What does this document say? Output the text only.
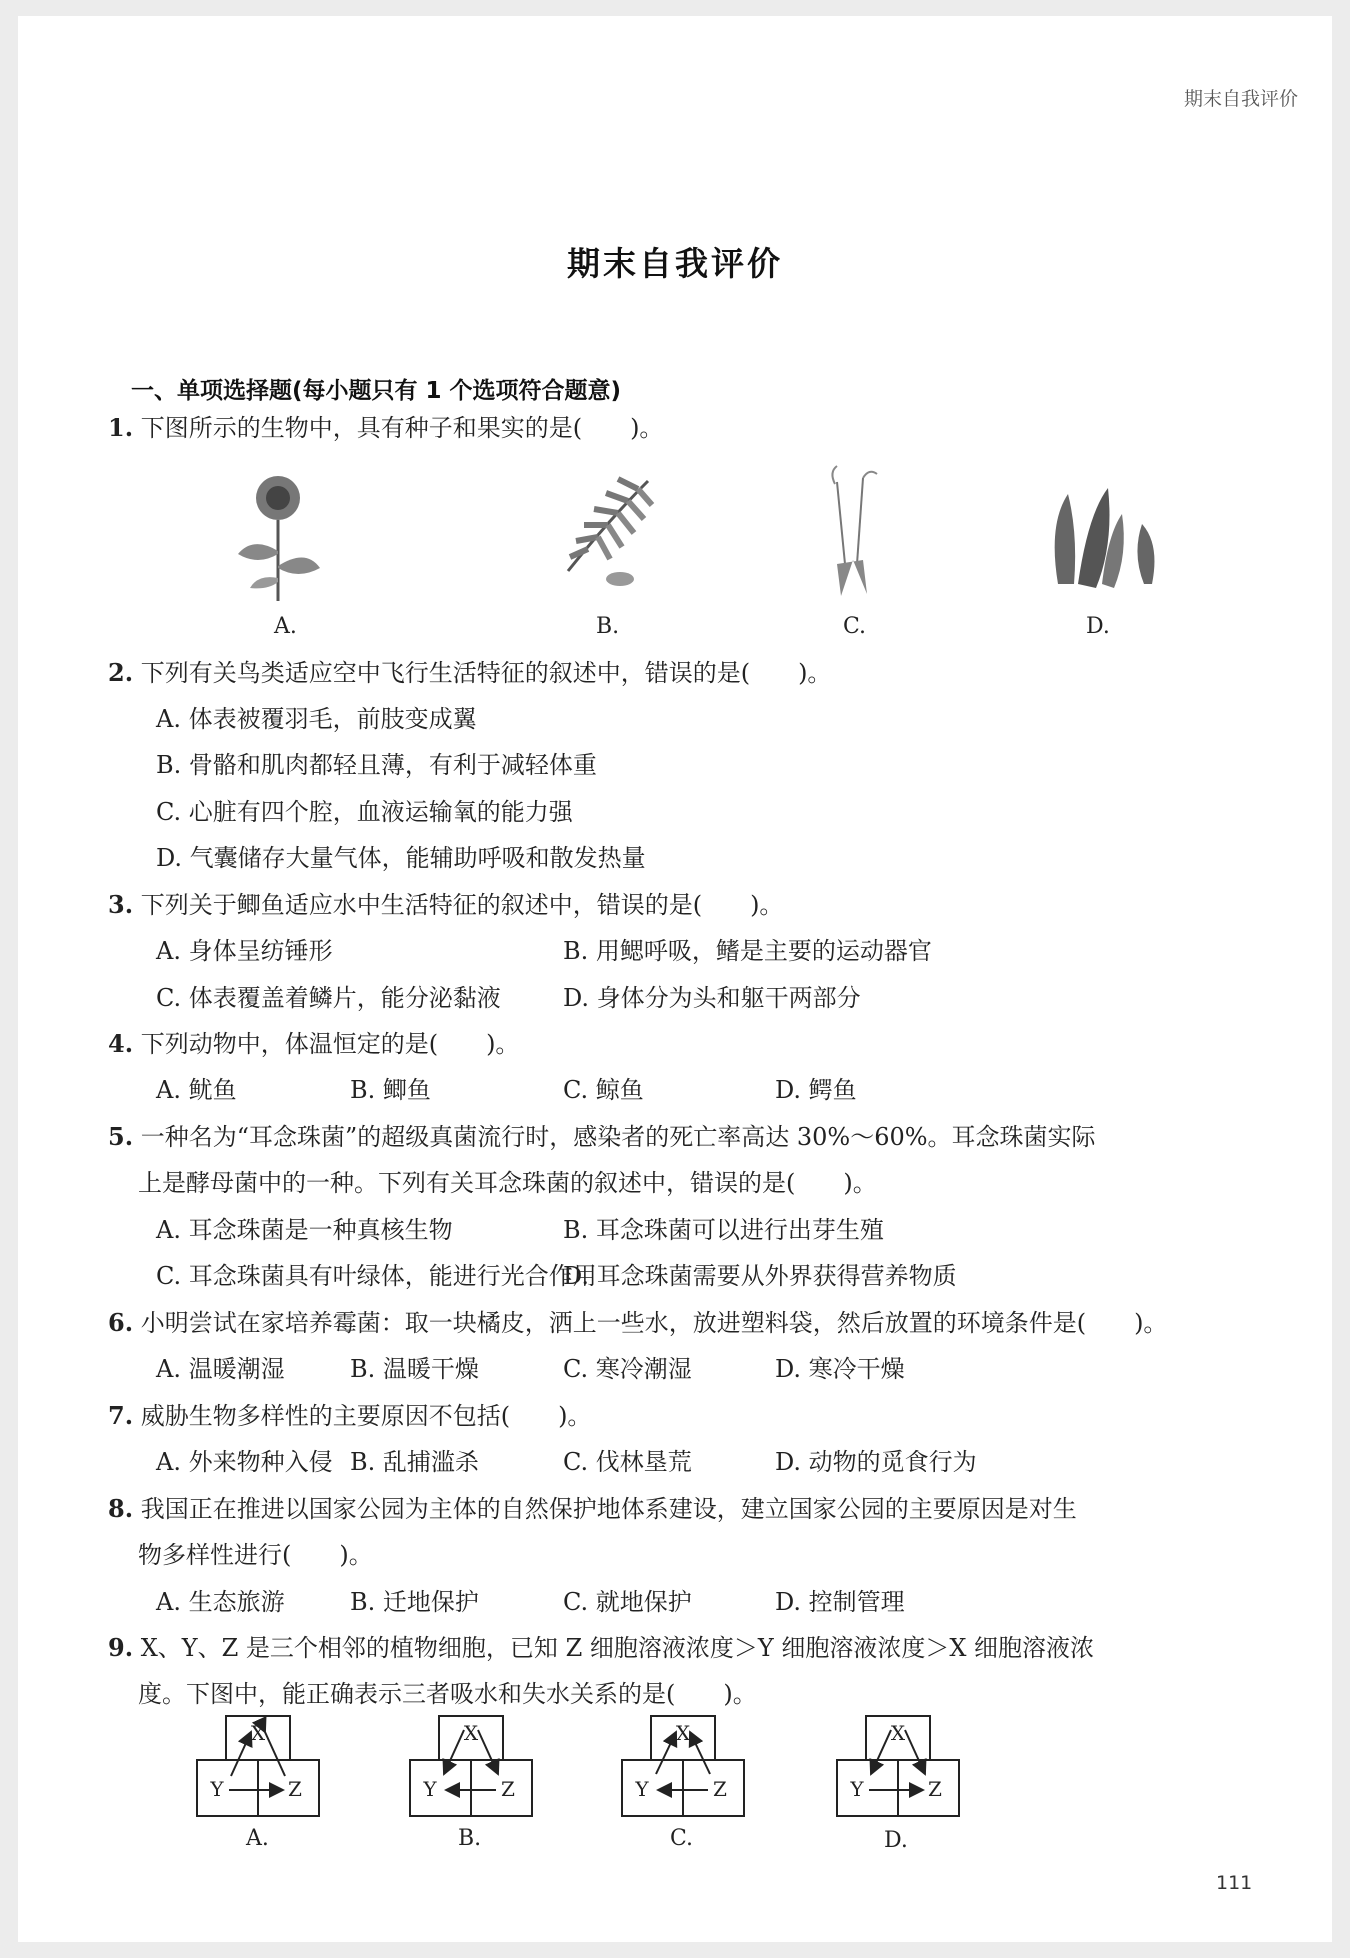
期末自我评价
期末自我评价
一、单项选择题(每小题只有 1 个选项符合题意)
1. 下图所示的生物中，具有种子和果实的是(　　)。
A.	B.	C.	D.
2. 下列有关鸟类适应空中飞行生活特征的叙述中，错误的是(　　)。
A. 体表被覆羽毛，前肢变成翼
B. 骨骼和肌肉都轻且薄，有利于减轻体重
C. 心脏有四个腔，血液运输氧的能力强
D. 气囊储存大量气体，能辅助呼吸和散发热量
3. 下列关于鲫鱼适应水中生活特征的叙述中，错误的是(　　)。
A. 身体呈纺锤形	B. 用鳃呼吸，鳍是主要的运动器官
C. 体表覆盖着鳞片，能分泌黏液	D. 身体分为头和躯干两部分
4. 下列动物中，体温恒定的是(　　)。
A. 鱿鱼	B. 鲫鱼	C. 鲸鱼	D. 鳄鱼
5. 一种名为“耳念珠菌”的超级真菌流行时，感染者的死亡率高达 30%～60%。耳念珠菌实际
上是酵母菌中的一种。下列有关耳念珠菌的叙述中，错误的是(　　)。
A. 耳念珠菌是一种真核生物	B. 耳念珠菌可以进行出芽生殖
C. 耳念珠菌具有叶绿体，能进行光合作用
D. 耳念珠菌需要从外界获得营养物质
6. 小明尝试在家培养霉菌：取一块橘皮，洒上一些水，放进塑料袋，然后放置的环境条件是(　　)。
A. 温暖潮湿	B. 温暖干燥	C. 寒冷潮湿	D. 寒冷干燥
7. 威胁生物多样性的主要原因不包括(　　)。
A. 外来物种入侵 B. 乱捕滥杀	C. 伐林垦荒	D. 动物的觅食行为
8. 我国正在推进以国家公园为主体的自然保护地体系建设，建立国家公园的主要原因是对生
物多样性进行(　　)。
A. 生态旅游	B. 迁地保护	C. 就地保护	D. 控制管理
9. X、Y、Z 是三个相邻的植物细胞，已知 Z 细胞溶液浓度＞Y 细胞溶液浓度＞X 细胞溶液浓
度。下图中，能正确表示三者吸水和失水关系的是(　　)。
X
Y	Z
A.
X
Y	Z
B.
X
Y	Z
C.
X
Y	Z
D.
111
